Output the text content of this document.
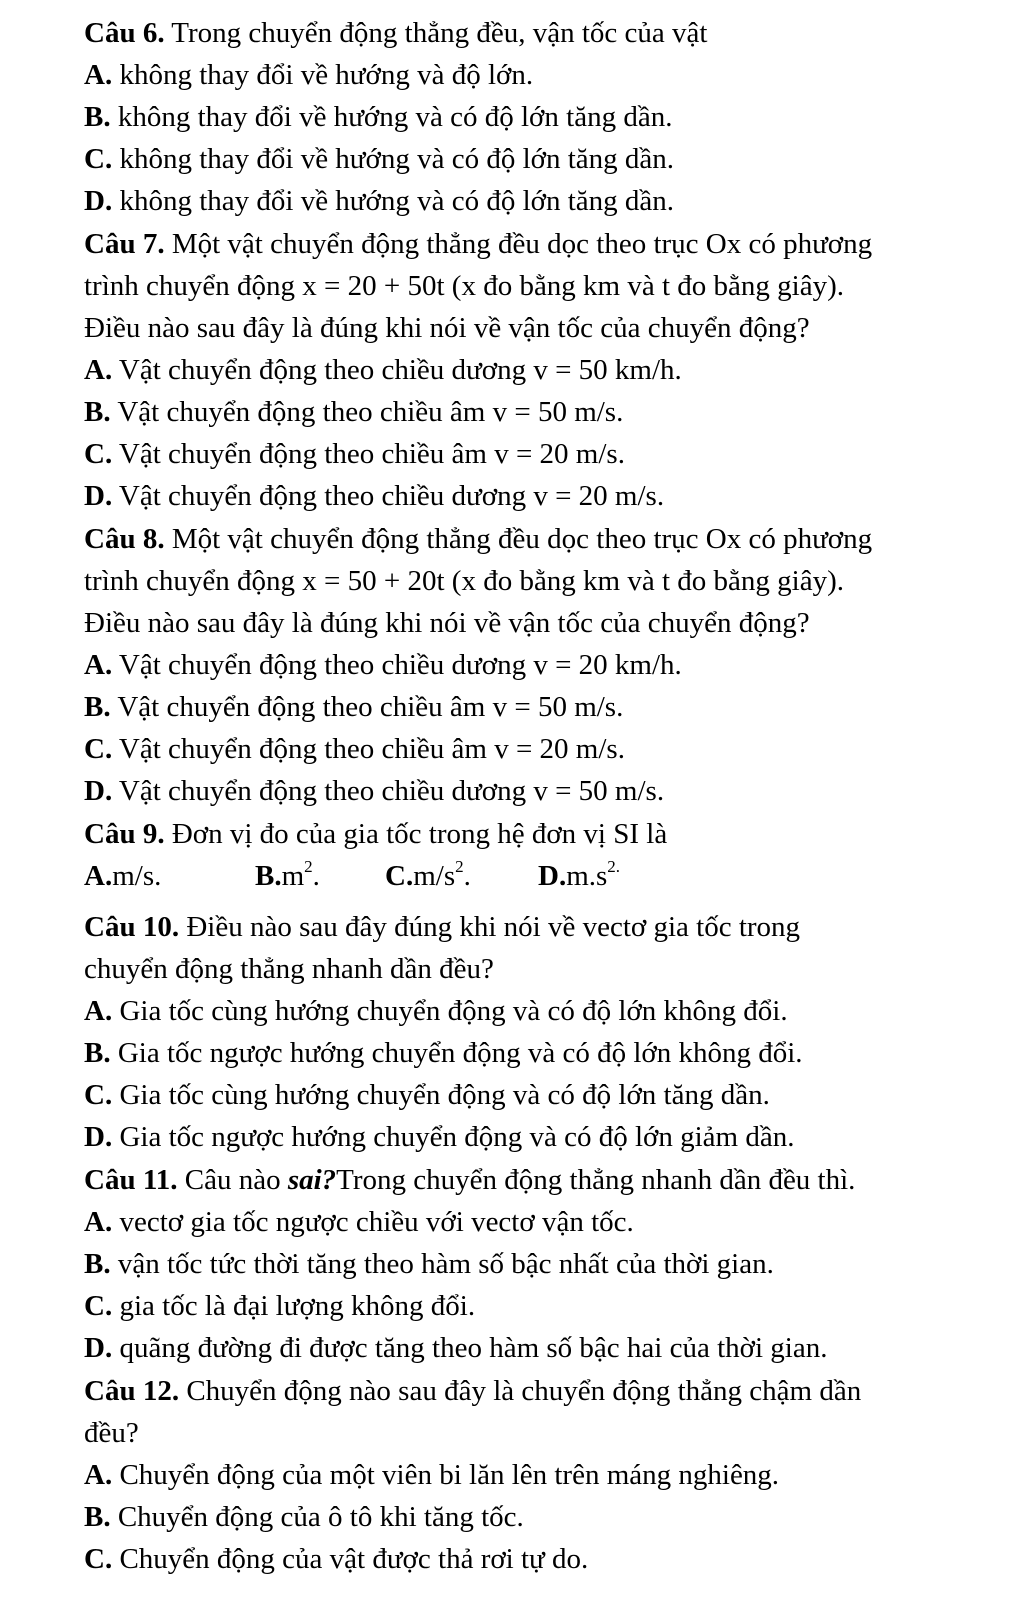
Câu 6. Trong chuyển động thẳng đều, vận tốc của vật
A. không thay đổi về hướng và độ lớn.
B. không thay đổi về hướng và có độ lớn tăng dần.
C. không thay đổi về hướng và có độ lớn tăng dần.
D. không thay đổi về hướng và có độ lớn tăng dần.
Câu 7. Một vật chuyển động thẳng đều dọc theo trục Ox có phương
trình chuyển động x = 20 + 50t (x đo bằng km và t đo bằng giây).
Điều nào sau đây là đúng khi nói về vận tốc của chuyển động?
A. Vật chuyển động theo chiều dương v = 50 km/h.
B. Vật chuyển động theo chiều âm v = 50 m/s.
C. Vật chuyển động theo chiều âm v = 20 m/s.
D. Vật chuyển động theo chiều dương v = 20 m/s.
Câu 8. Một vật chuyển động thẳng đều dọc theo trục Ox có phương
trình chuyển động x = 50 + 20t (x đo bằng km và t đo bằng giây).
Điều nào sau đây là đúng khi nói về vận tốc của chuyển động?
A. Vật chuyển động theo chiều dương v = 20 km/h.
B. Vật chuyển động theo chiều âm v = 50 m/s.
C. Vật chuyển động theo chiều âm v = 20 m/s.
D. Vật chuyển động theo chiều dương v = 50 m/s.
Câu 9. Đơn vị đo của gia tốc trong hệ đơn vị SI là
A.m/s.	$B.m^2$. $C.m/s^2$. $D.m.s^{2.}$
Câu 10. Điều nào sau đây đúng khi nói về vectơ gia tốc trong
chuyển động thẳng nhanh dần đều?
A. Gia tốc cùng hướng chuyển động và có độ lớn không đổi.
B. Gia tốc ngược hướng chuyển động và có độ lớn không đổi.
C. Gia tốc cùng hướng chuyển động và có độ lớn tăng dần.
D. Gia tốc ngược hướng chuyển động và có độ lớn giảm dần.
Câu 11. Câu nào sai?Trong chuyển động thẳng nhanh dần đều thì.
A. vectơ gia tốc ngược chiều với vectơ vận tốc.
B. vận tốc tức thời tăng theo hàm số bậc nhất của thời gian.
C. gia tốc là đại lượng không đổi.
D. quãng đường đi được tăng theo hàm số bậc hai của thời gian.
Câu 12. Chuyển động nào sau đây là chuyển động thẳng chậm dần
đều?
A. Chuyển động của một viên bi lăn lên trên máng nghiêng.
B. Chuyển động của ô tô khi tăng tốc.
C. Chuyển động của vật được thả rơi tự do.
